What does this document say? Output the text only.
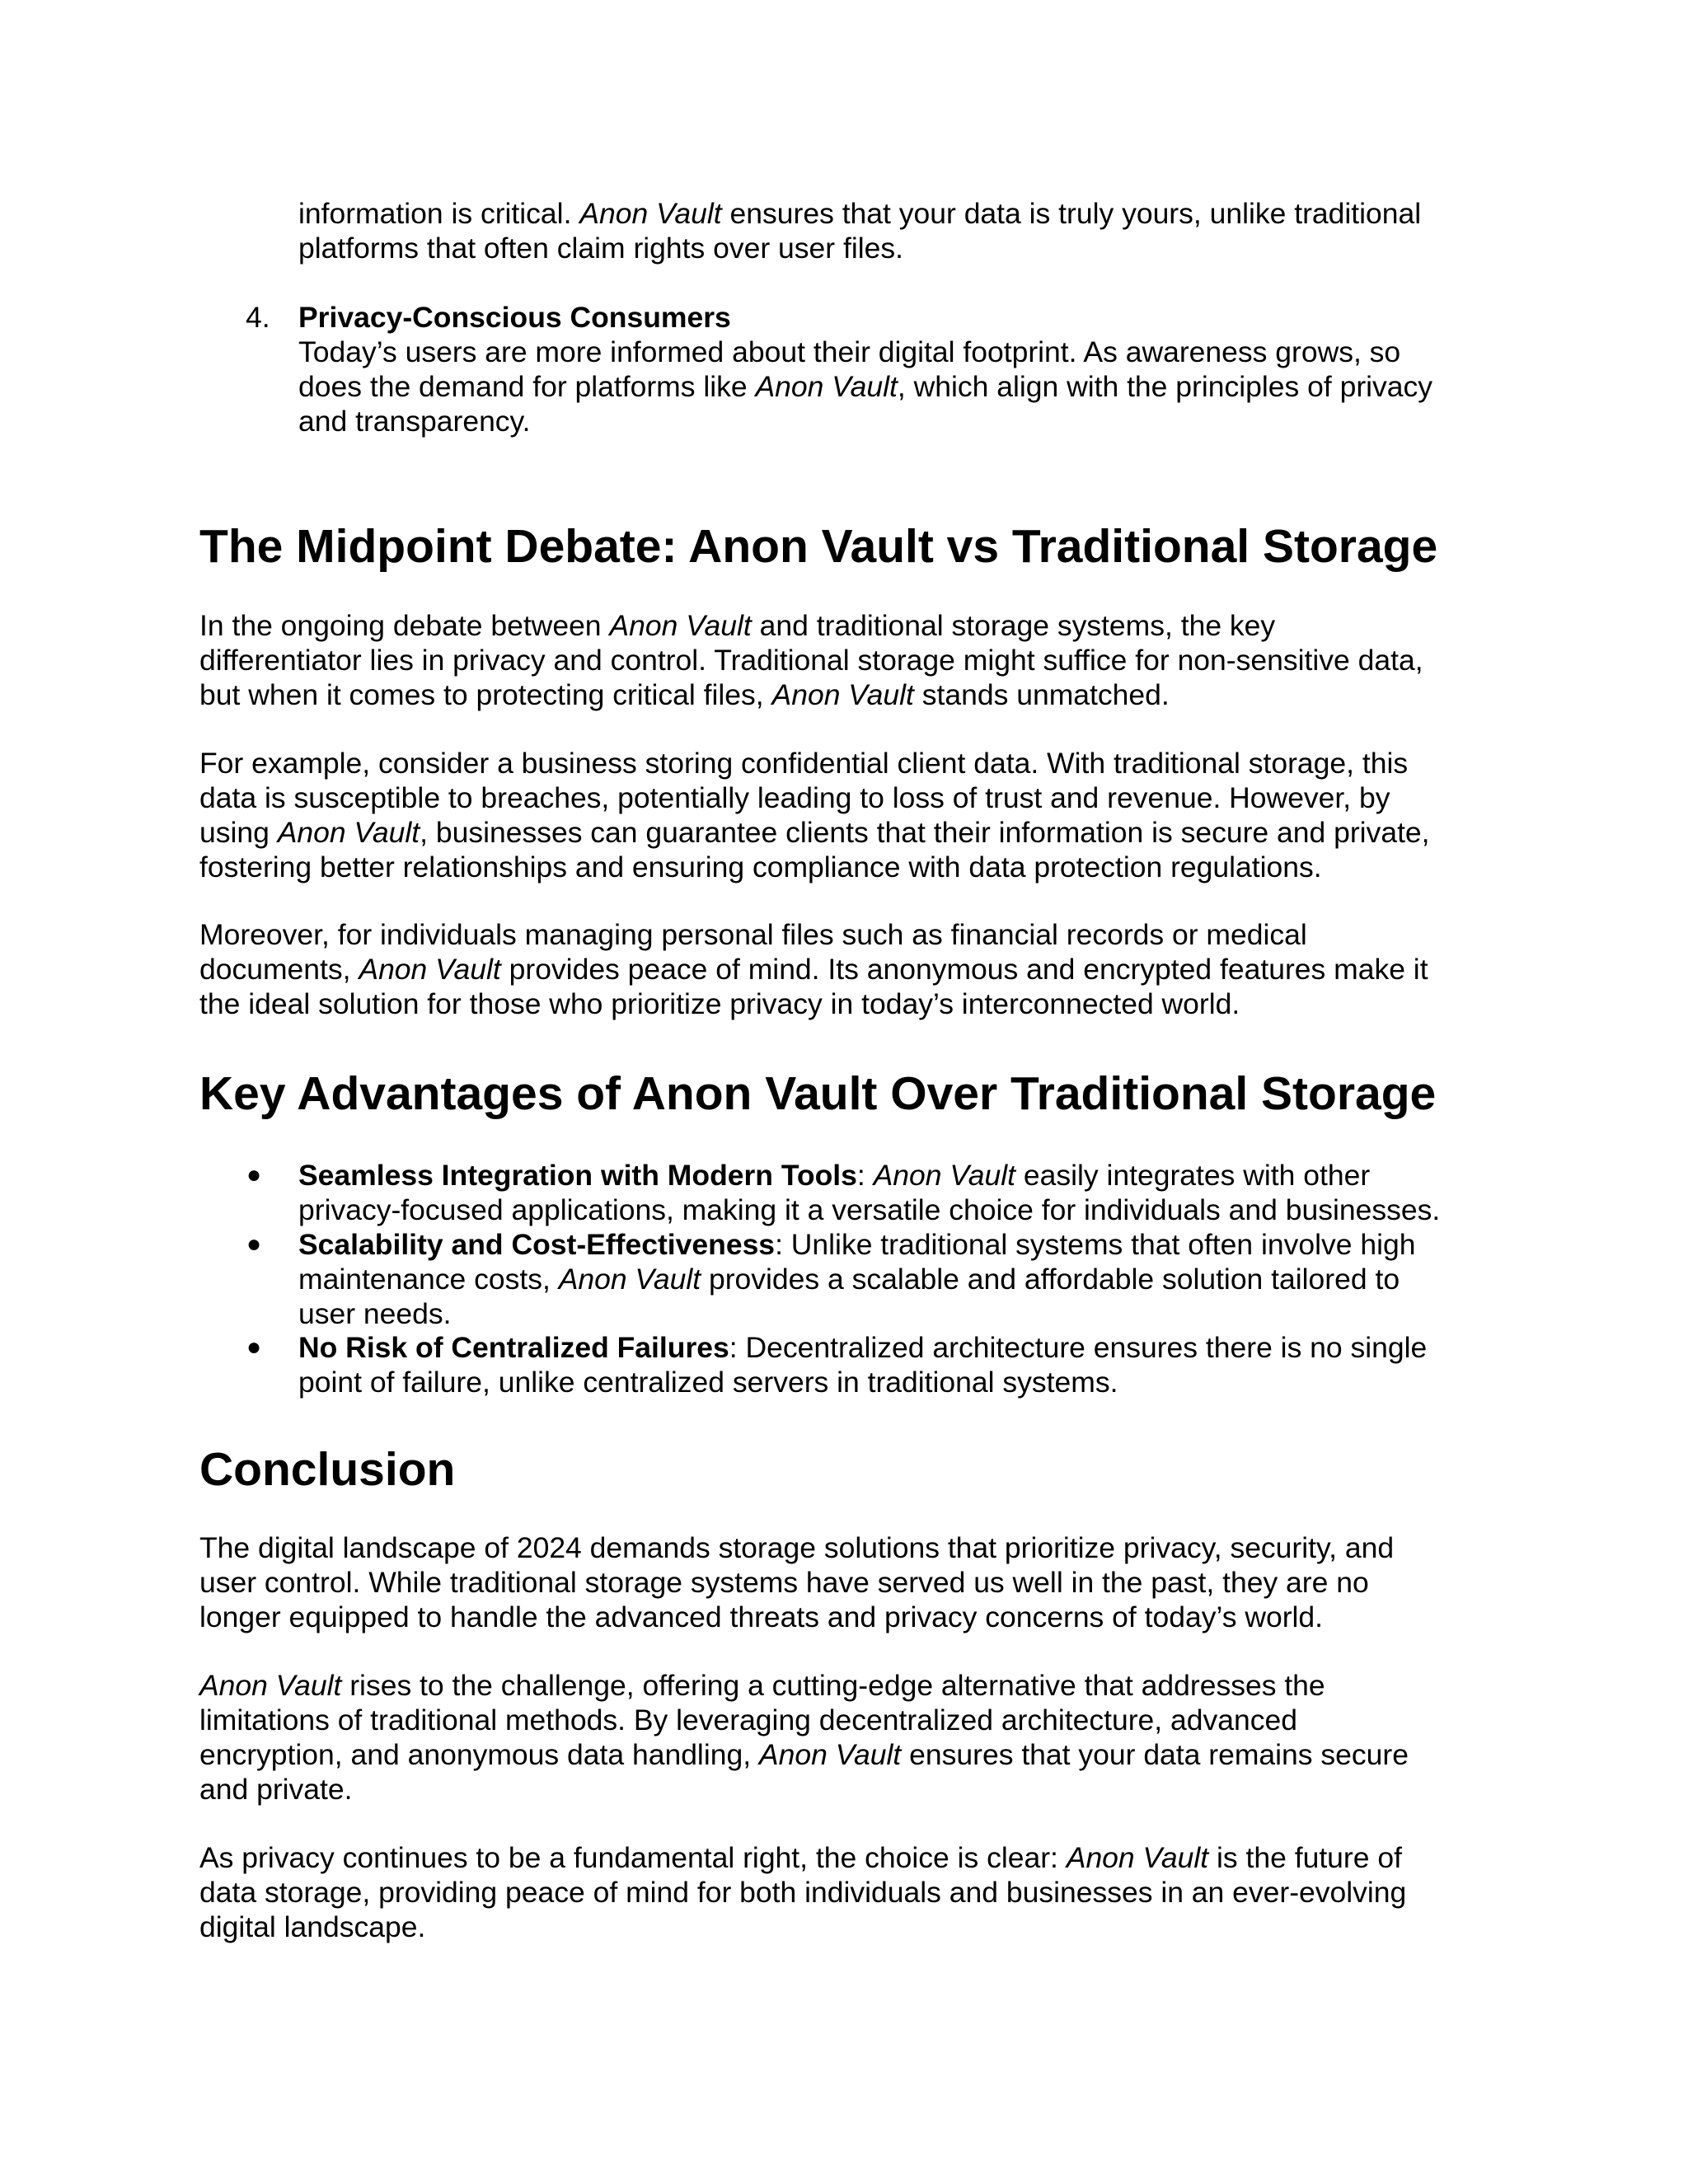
information is critical. Anon Vault ensures that your data is truly yours, unlike traditional
platforms that often claim rights over user files.
4. Privacy-Conscious Consumers
Today’s users are more informed about their digital footprint. As awareness grows, so
does the demand for platforms like Anon Vault, which align with the principles of privacy
and transparency.
The Midpoint Debate: Anon Vault vs Traditional Storage
In the ongoing debate between Anon Vault and traditional storage systems, the key
differentiator lies in privacy and control. Traditional storage might suffice for non-sensitive data,
but when it comes to protecting critical files, Anon Vault stands unmatched.
For example, consider a business storing confidential client data. With traditional storage, this
data is susceptible to breaches, potentially leading to loss of trust and revenue. However, by
using Anon Vault, businesses can guarantee clients that their information is secure and private,
fostering better relationships and ensuring compliance with data protection regulations.
Moreover, for individuals managing personal files such as financial records or medical
documents, Anon Vault provides peace of mind. Its anonymous and encrypted features make it
the ideal solution for those who prioritize privacy in today’s interconnected world.
Key Advantages of Anon Vault Over Traditional Storage
● Seamless Integration with Modern Tools: Anon Vault easily integrates with other
privacy-focused applications, making it a versatile choice for individuals and businesses.
● Scalability and Cost-Effectiveness: Unlike traditional systems that often involve high
maintenance costs, Anon Vault provides a scalable and affordable solution tailored to
user needs.
● No Risk of Centralized Failures: Decentralized architecture ensures there is no single
point of failure, unlike centralized servers in traditional systems.
Conclusion
The digital landscape of 2024 demands storage solutions that prioritize privacy, security, and
user control. While traditional storage systems have served us well in the past, they are no
longer equipped to handle the advanced threats and privacy concerns of today’s world.
Anon Vault rises to the challenge, offering a cutting-edge alternative that addresses the
limitations of traditional methods. By leveraging decentralized architecture, advanced
encryption, and anonymous data handling, Anon Vault ensures that your data remains secure
and private.
As privacy continues to be a fundamental right, the choice is clear: Anon Vault is the future of
data storage, providing peace of mind for both individuals and businesses in an ever-evolving
digital landscape.
